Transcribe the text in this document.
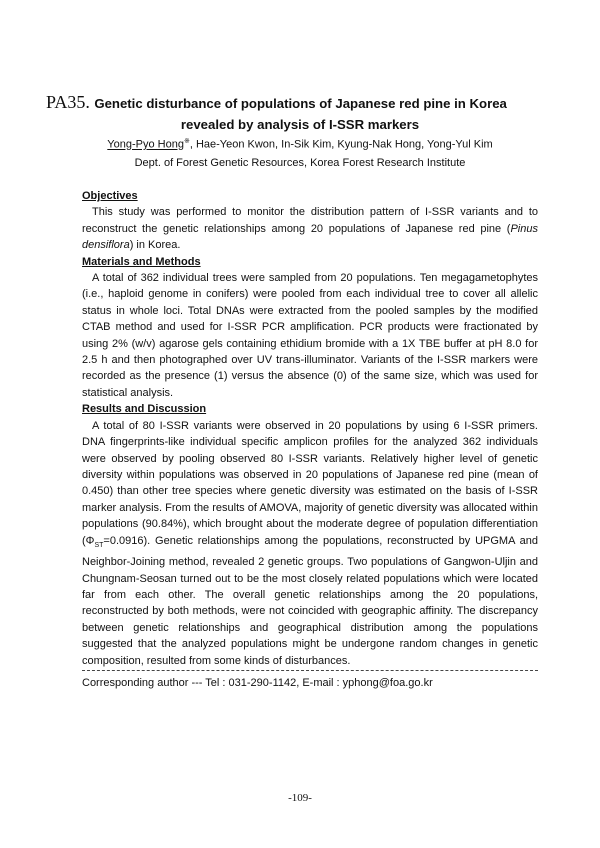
PA35. Genetic disturbance of populations of Japanese red pine in Korea
revealed by analysis of I-SSR markers
Yong-Pyo Hong※, Hae-Yeon Kwon, In-Sik Kim, Kyung-Nak Hong, Yong-Yul Kim
Dept. of Forest Genetic Resources, Korea Forest Research Institute

Objectives

This study was performed to monitor the distribution pattern of I-SSR variants and to reconstruct the genetic relationships among 20 populations of Japanese red pine (Pinus densiflora) in Korea.

Materials and Methods

A total of 362 individual trees were sampled from 20 populations. Ten megagametophytes (i.e., haploid genome in conifers) were pooled from each individual tree to cover all allelic status in whole loci. Total DNAs were extracted from the pooled samples by the modified CTAB method and used for I-SSR PCR amplification. PCR products were fractionated by using 2% (w/v) agarose gels containing ethidium bromide with a 1X TBE buffer at pH 8.0 for 2.5 h and then photographed over UV trans-illuminator. Variants of the I-SSR markers were recorded as the presence (1) versus the absence (0) of the same size, which was used for statistical analysis.

Results and Discussion

A total of 80 I-SSR variants were observed in 20 populations by using 6 I-SSR primers. DNA fingerprints-like individual specific amplicon profiles for the analyzed 362 individuals were observed by pooling observed 80 I-SSR variants. Relatively higher level of genetic diversity within populations was observed in 20 populations of Japanese red pine (mean of 0.450) than other tree species where genetic diversity was estimated on the basis of I-SSR marker analysis. From the results of AMOVA, majority of genetic diversity was allocated within populations (90.84%), which brought about the moderate degree of population differentiation $(\Phi_{ST}=0.0916)$. Genetic relationships among the populations, reconstructed by UPGMA and Neighbor-Joining method, revealed 2 genetic groups. Two populations of Gangwon-Uljin and Chungnam-Seosan turned out to be the most closely related populations which were located far from each other. The overall genetic relationships among the 20 populations, reconstructed by both methods, were not coincided with geographic affinity. The discrepancy between genetic relationships and geographical distribution among the populations suggested that the analyzed populations might be undergone random changes in genetic composition, resulted from some kinds of disturbances.

Corresponding author --- Tel : 031-290-1142, E-mail : yphong@foa.go.kr

-109-
